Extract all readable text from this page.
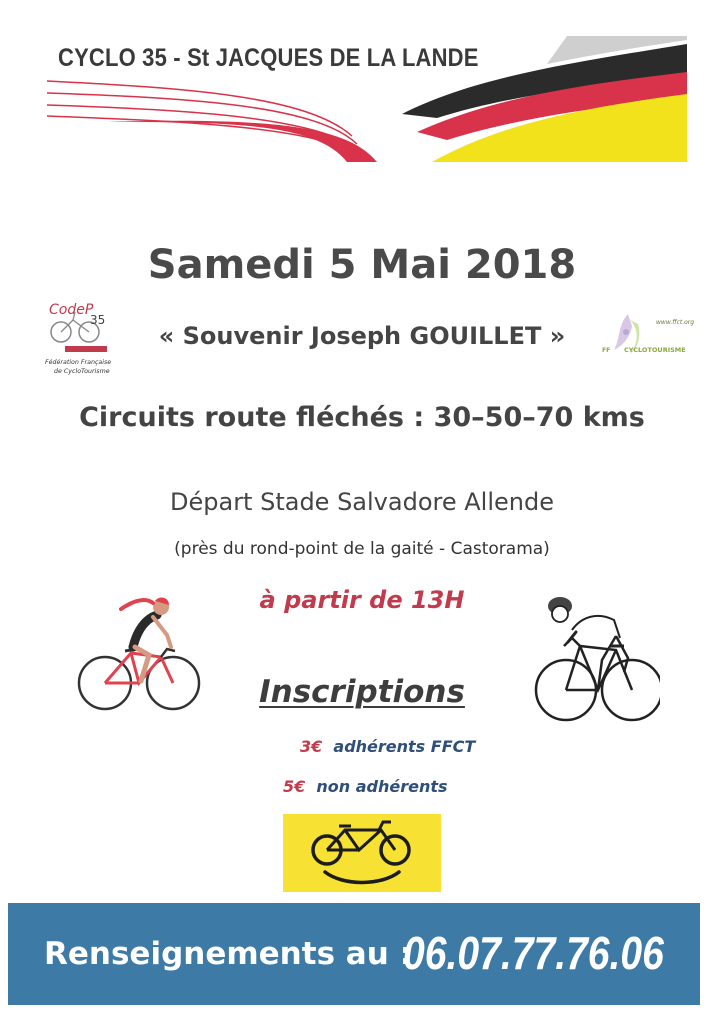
CYCLO 35 - St JACQUES DE LA LANDE
CodeP
35
Fédération Française
de CycloTourisme
www.ffct.org
FF CYCLOTOURISME
Samedi 5 Mai 2018
« Souvenir Joseph GOUILLET »
Circuits route fléchés : 30–50–70 kms
Départ Stade Salvadore Allende
(près du rond-point de la gaité - Castorama)
à partir de 13H
Inscriptions
3€ adhérents FFCT
5€ non adhérents
Renseignements au :
06.07.77.76.06
